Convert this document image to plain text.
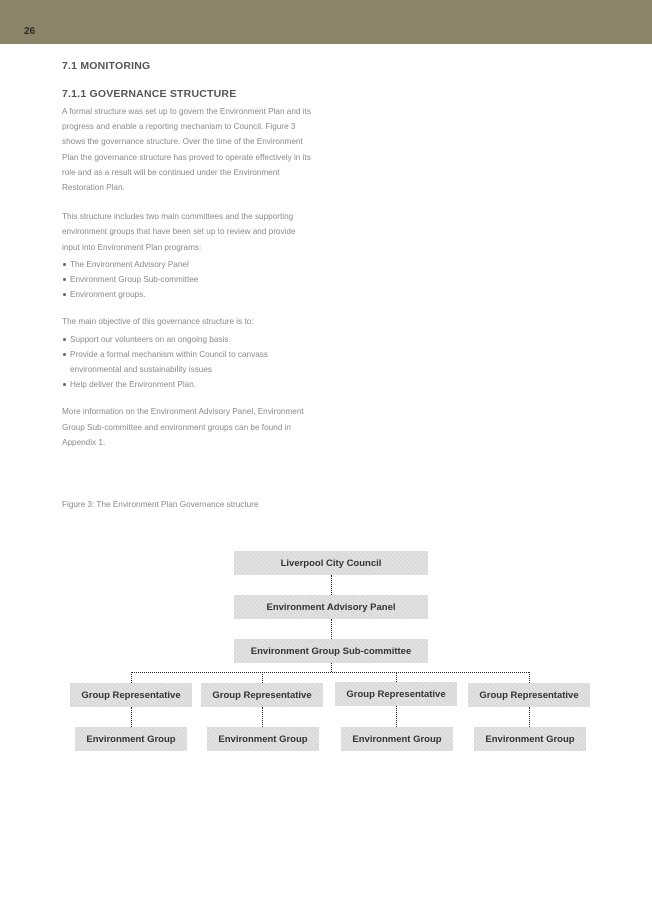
26
7.1 MONITORING
7.1.1 GOVERNANCE STRUCTURE

A formal structure was set up to govern the Environment Plan and its progress and enable a reporting mechanism to Council. Figure 3 shows the governance structure. Over the time of the Environment Plan the governance structure has proved to operate effectively in its role and as a result will be continued under the Environment Restoration Plan.

This structure includes two main committees and the supporting environment groups that have been set up to review and provide input into Environment Plan programs:

The Environment Advisory Panel
Environment Group Sub-committee
Environment groups.

The main objective of this governance structure is to:

Support our volunteers on an ongoing basis
Provide a formal mechanism within Council to canvass environmental and sustainability issues
Help deliver the Environment Plan.

More information on the Environment Advisory Panel, Environment Group Sub-committee and environment groups can be found in Appendix 1.

Figure 3: The Environment Plan Governance structure
Liverpool City Council
Environment Advisory Panel
Environment Group Sub-committee
Group Representative	Group Representative	Group Representative	Group Representative
Environment Group	Environment Group	Environment Group	Environment Group
